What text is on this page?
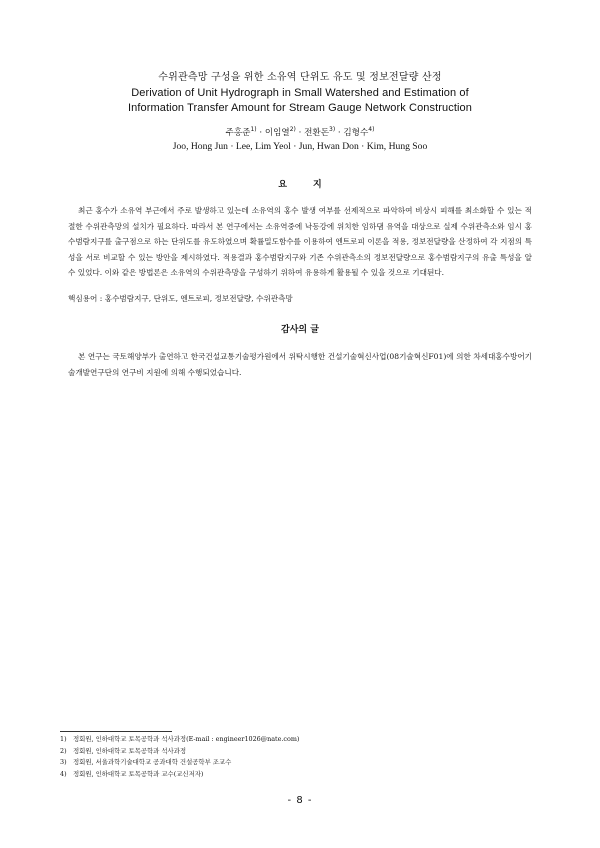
수위관측망 구성을 위한 소유역 단위도 유도 및 정보전달량 산정
Derivation of Unit Hydrograph in Small Watershed and Estimation of
Information Transfer Amount for Stream Gauge Network Construction
주홍준$^{1)}$ · 이임열$^{2)}$ · 전환돈$^{3)}$ · 김형수$^{4)}$
Joo, Hong Jun · Lee, Lim Yeol · Jun, Hwan Don · Kim, Hung Soo
요지

최근 홍수가 소유역 부근에서 주로 발생하고 있는데 소유역의 홍수 발생 여부를 선제적으로 파악하여 비상시 피해를 최소화할 수 있는 적절한 수위관측망의 설치가 필요하다. 따라서 본 연구에서는 소유역중에 낙동강에 위치한 임하댐 유역을 대상으로 실제 수위관측소와 임시 홍수범람지구를 출구점으로 하는 단위도를 유도하였으며 확률밀도함수를 이용하여 엔트로피 이론을 적용, 정보전달량을 산정하여 각 지점의 특성을 서로 비교할 수 있는 방안을 제시하였다. 적용결과 홍수범람지구와 기존 수위관측소의 정보전달량으로 홍수범람지구의 유출 특성을 알 수 있었다. 이와 같은 방법론은 소유역의 수위관측망을 구성하기 위하여 유용하게 활용될 수 있을 것으로 기대된다.

핵심용어 : 홍수범람지구, 단위도, 엔트로피, 정보전달량, 수위관측망

감사의 글

본 연구는 국토해양부가 출연하고 한국건설교통기술평가원에서 위탁시행한 건설기술혁신사업(08기술혁신F01)에 의한 차세대홍수방어기술개발연구단의 연구비 지원에 의해 수행되었습니다.

1) 정회원, 인하대학교 토목공학과 석사과정(E-mail : engineer1026@nate.com)
2) 정회원, 인하대학교 토목공학과 석사과정
3) 정회원, 서울과학기술대학교 공과대학 건설공학부 조교수
4) 정회원, 인하대학교 토목공학과 교수(교신저자)
- 8 -
